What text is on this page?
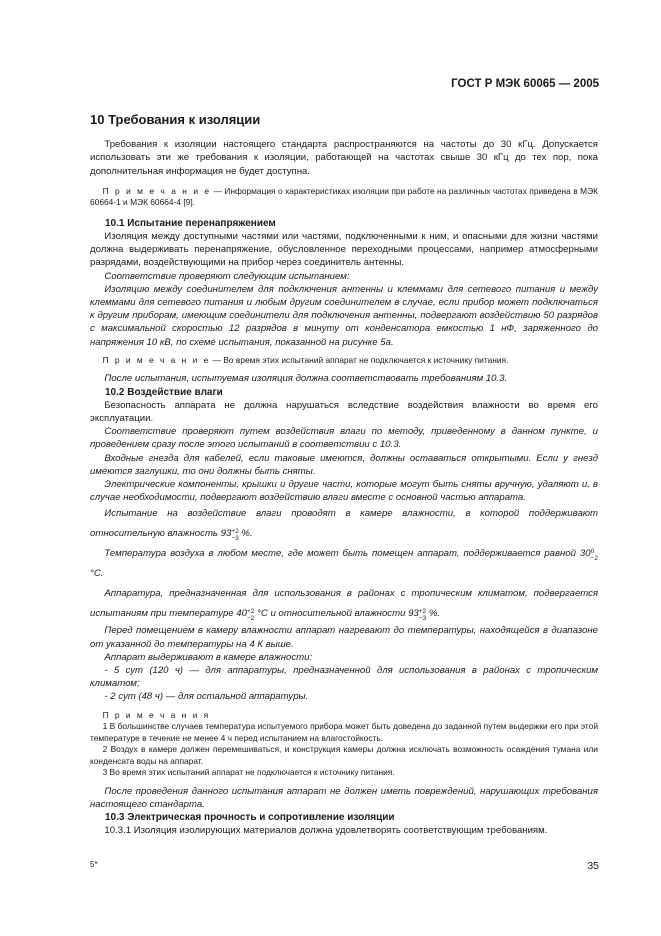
ГОСТ Р МЭК 60065 — 2005
10 Требования к изоляции

  Требования к изоляции настоящего стандарта распространяются на частоты до 30 кГц. Допускается использовать эти же требования к изоляции, работающей на частотах свыше 30 кГц до тех пор, пока дополнительная информация не будет доступна.

  П р и м е ч а н и е — Информация о характеристиках изоляции при работе на различных частотах приведена в МЭК 60664-1 и МЭК 60664-4 [9].

  10.1 Испытание перенапряжением

  Изоляция между доступными частями или частями, подключенными к ним, и опасными для жизни частями должна выдерживать перенапряжение, обусловленное переходными процессами, например атмосферными разрядами, воздействующими на прибор через соединитель антенны.

  Соответствие проверяют следующим испытанием:

  Изоляцию между соединителем для подключения антенны и клеммами для сетевого питания и между клеммами для сетевого питания и любым другим соединителем в случае, если прибор может подключаться к другим приборам, имеющим соединители для подключения антенны, подвергают воздействию 50 разрядов с максимальной скоростью 12 разрядов в минуту от конденсатора емкостью 1 нФ, заряженного до напряжения 10 кВ, по схеме испытания, показанной на рисунке 5а.

  П р и м е ч а н и е — Во время этих испытаний аппарат не подключается к источнику питания.

  После испытания, испытуемая изоляция должна соответствовать требованиям 10.3.

  10.2 Воздействие влаги

  Безопасность аппарата не должна нарушаться вследствие воздействия влажности во время его эксплуатации.

  Соответствие проверяют путем воздействия влаги по методу, приведенному в данном пункте, и проведением сразу после этого испытаний в соответствии с 10.3.

  Входные гнезда для кабелей, если таковые имеются, должны оставаться открытыми. Если у гнезд имеются заглушки, то они должны быть сняты.

  Электрические компоненты, крышки и другие части, которые могут быть сняты вручную, удаляют и, в случае необходимости, подвергают воздействию влаги вместе с основной частью аппарата.

  Испытание на воздействие влаги проводят в камере влажности, в которой поддерживают относительную влажность 93 +2
−3 %.

  Температура воздуха в любом месте, где может быть помещен аппарат, поддерживается равной 30 0
−2
°С.

  Аппаратура, предназначенная для использования в районах с тропическим климатом, подвергается испытаниям при температуре 40 +2
−2 °С и относительной влажности 93 +2
−3 %.

  Перед помещением в камеру влажности аппарат нагревают до температуры, находящейся в диапазоне от указанной до температуры на 4 К выше.

  Аппарат выдерживают в камере влажности:

  - 5 сут (120 ч) — для аппаратуры, предназначенной для использования в районах с тропическим климатом;

  - 2 сут (48 ч) — для остальной аппаратуры.

  П р и м е ч а н и я

  1 В большинстве случаев температура испытуемого прибора может быть доведена до заданной путем выдержки его при этой температуре в течение не менее 4 ч перед испытанием на влагостойкость.

  2 Воздух в камере должен перемешиваться, и конструкция камеры должна исключать возможность осаждения тумана или конденсата воды на аппарат.

  3 Во время этих испытаний аппарат не подключается к источнику питания.

  После проведения данного испытания аппарат не должен иметь повреждений, нарушающих требования настоящего стандарта.

  10.3 Электрическая прочность и сопротивление изоляции

  10.3.1 Изоляция изолирующих материалов должна удовлетворять соответствующим требованиям.

5*	35
